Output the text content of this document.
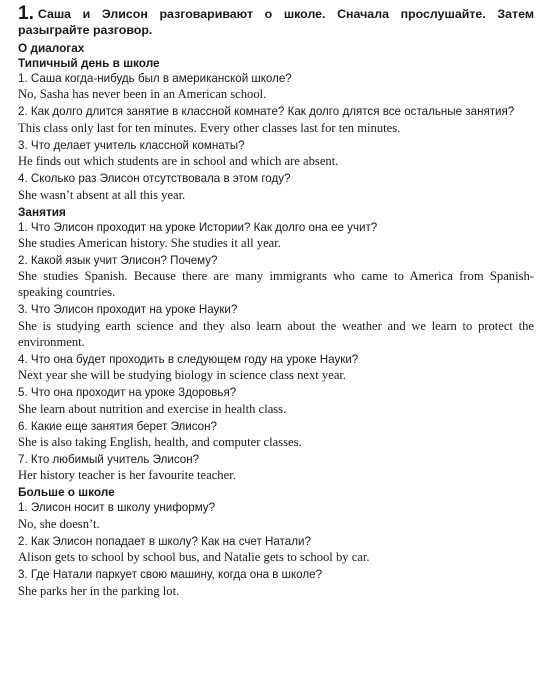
1. Саша и Элисон разговаривают о школе. Сначала прослушайте. Затем разыграйте разговор.

О диалогах

Типичный день в школе

1. Саша когда-нибудь был в американской школе?

No, Sasha has never been in an American school.

2. Как долго длится занятие в классной комнате? Как долго длятся все остальные занятия?

This class only last for ten minutes. Every other classes last for ten minutes.

3. Что делает учитель классной комнаты?

He finds out which students are in school and which are absent.

4. Сколько раз Элисон отсутствовала в этом году?

She wasn’t absent at all this year.

Занятия

1. Что Элисон проходит на уроке Истории? Как долго она ее учит?

She studies American history. She studies it all year.

2. Какой язык учит Элисон? Почему?

She studies Spanish. Because there are many immigrants who came to America from Spanish-speaking countries.

3. Что Элисон проходит на уроке Науки?

She is studying earth science and they also learn about the weather and we learn to protect the environment.

4. Что она будет проходить в следующем году на уроке Науки?

Next year she will be studying biology in science class next year.

5. Что она проходит на уроке Здоровья?

She learn about nutrition and exercise in health class.

6. Какие еще занятия берет Элисон?

She is also taking English, health, and computer classes.

7. Кто любимый учитель Элисон?

Her history teacher is her favourite teacher.

Больше о школе

1. Элисон носит в школу униформу?

No, she doesn’t.

2. Как Элисон попадает в школу? Как на счет Натали?

Alison gets to school by school bus, and Natalie gets to school by car.

3. Где Натали паркует свою машину, когда она в школе?

She parks her in the parking lot.
